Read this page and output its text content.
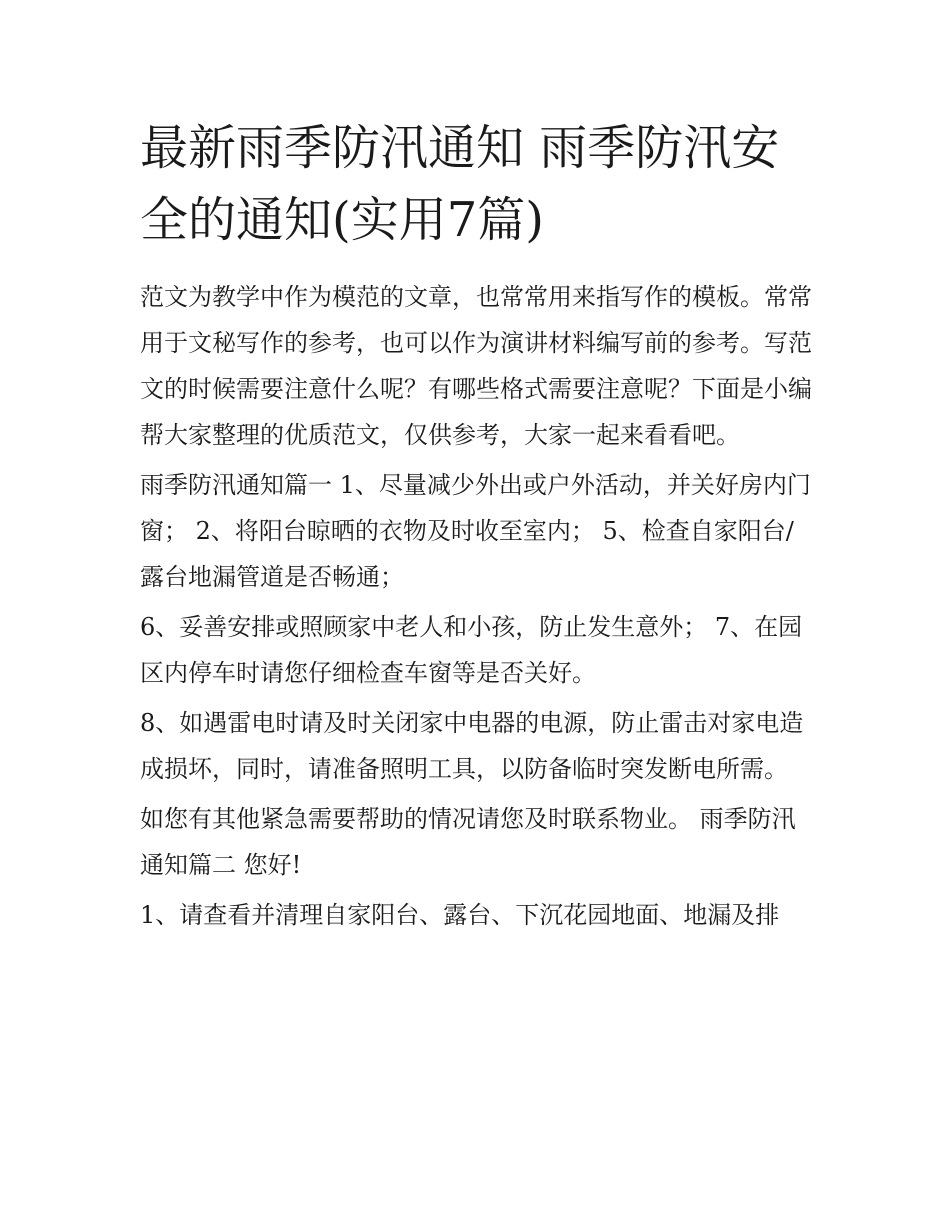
最新雨季防汛通知 雨季防汛安全的通知(实用7篇)

范文为教学中作为模范的文章，也常常用来指写作的模板。常常用于文秘写作的参考，也可以作为演讲材料编写前的参考。写范文的时候需要注意什么呢？有哪些格式需要注意呢？下面是小编帮大家整理的优质范文，仅供参考，大家一起来看看吧。

雨季防汛通知篇一 1、尽量减少外出或户外活动，并关好房内门窗； 2、将阳台晾晒的衣物及时收至室内； 5、检查自家阳台/露台地漏管道是否畅通；

6、妥善安排或照顾家中老人和小孩，防止发生意外； 7、在园区内停车时请您仔细检查车窗等是否关好。

8、如遇雷电时请及时关闭家中电器的电源，防止雷击对家电造成损坏，同时，请准备照明工具，以防备临时突发断电所需。

如您有其他紧急需要帮助的情况请您及时联系物业。 雨季防汛通知篇二 您好!

1、请查看并清理自家阳台、露台、下沉花园地面、地漏及排
